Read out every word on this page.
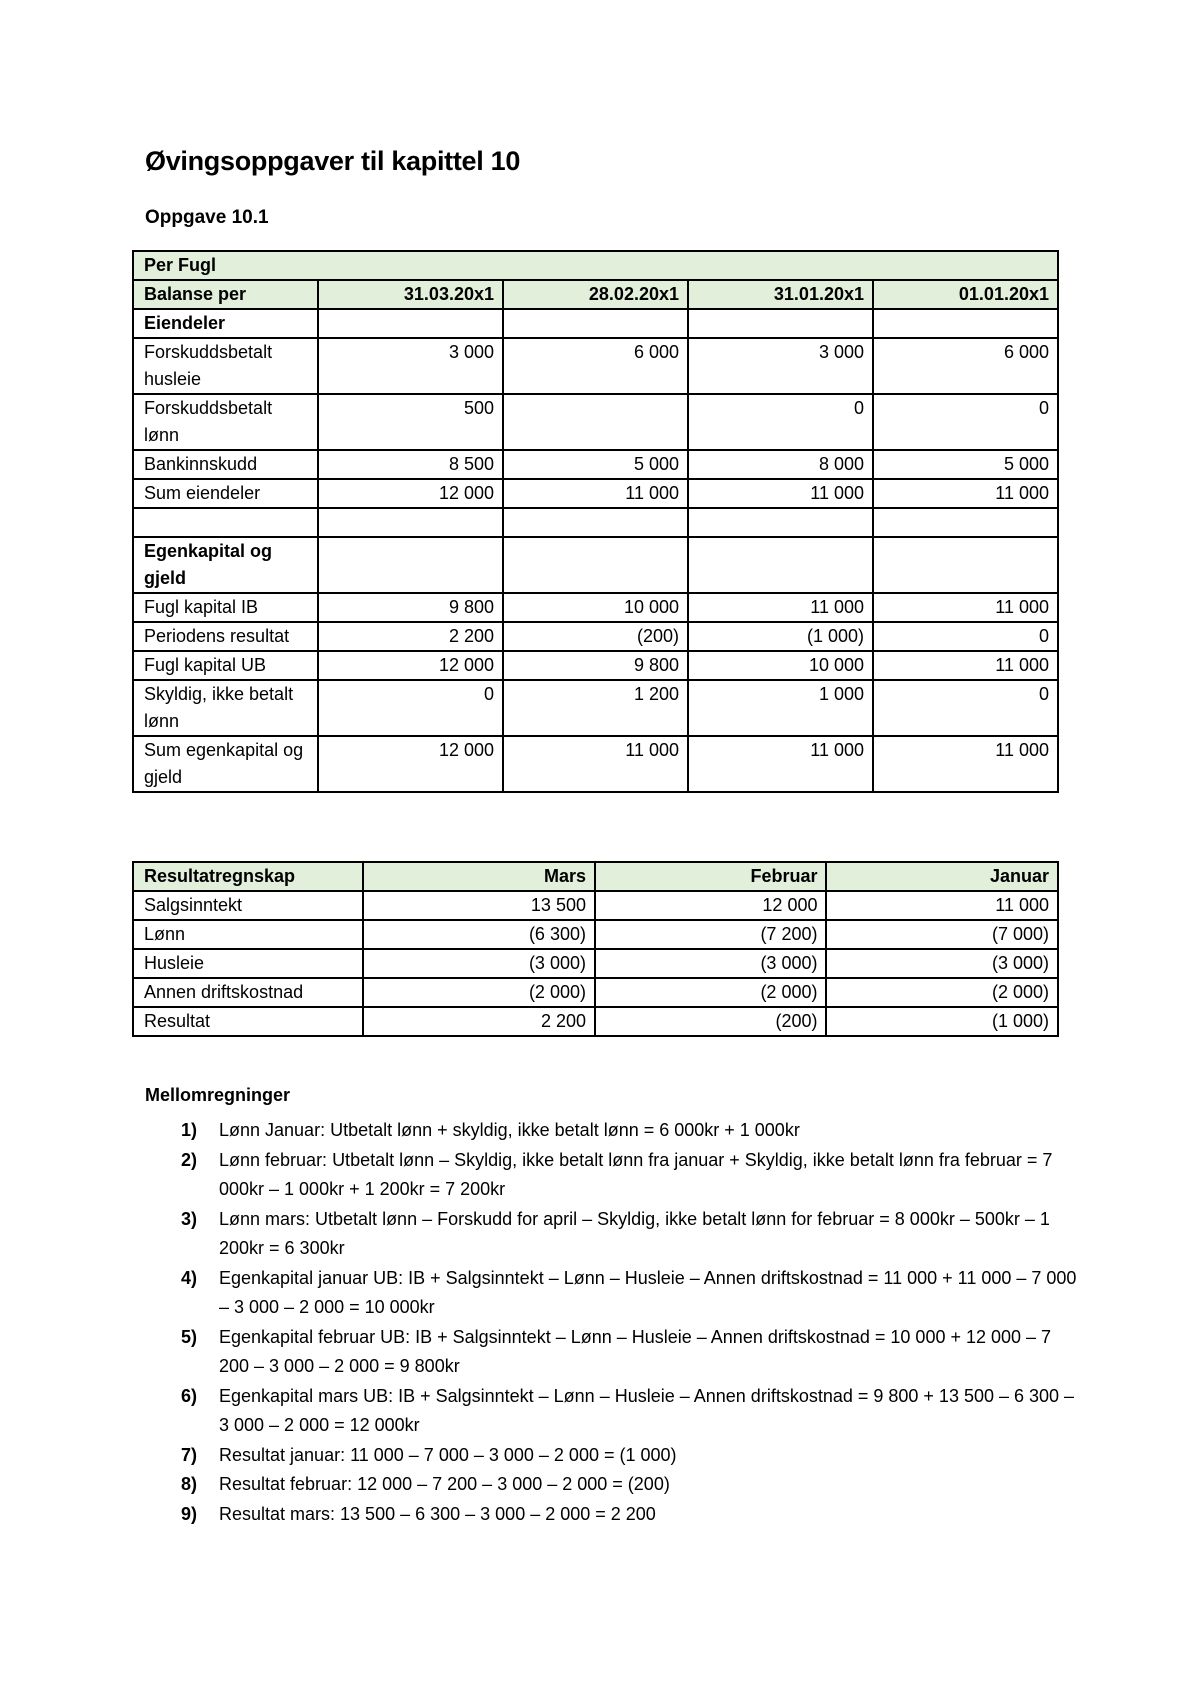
Øvingsoppgaver til kapittel 10
Oppgave 10.1
Per Fugl				
Balanse per	31.03.20x1	28.02.20x1	31.01.20x1	01.01.20x1
Eiendeler				
Forskuddsbetalt husleie	3 000	6 000	3 000	6 000
Forskuddsbetalt lønn	500		0	0
Bankinnskudd	8 500	5 000	8 000	5 000
Sum eiendeler	12 000	11 000	11 000	11 000

Egenkapital og gjeld				
Fugl kapital IB	9 800	10 000	11 000	11 000
Periodens resultat	2 200	(200)	(1 000)	0
Fugl kapital UB	12 000	9 800	10 000	11 000
Skyldig, ikke betalt lønn	0	1 200	1 000	0
Sum egenkapital og gjeld	12 000	11 000	11 000	11 000
Resultatregnskap	Mars	Februar	Januar
Salgsinntekt	13 500	12 000	11 000
Lønn	(6 300)	(7 200)	(7 000)
Husleie	(3 000)	(3 000)	(3 000)
Annen driftskostnad	(2 000)	(2 000)	(2 000)
Resultat	2 200	(200)	(1 000)
Mellomregninger
1) Lønn Januar: Utbetalt lønn + skyldig, ikke betalt lønn = 6 000kr + 1 000kr
2) Lønn februar: Utbetalt lønn – Skyldig, ikke betalt lønn fra januar + Skyldig, ikke betalt lønn fra februar = 7 000kr – 1 000kr + 1 200kr = 7 200kr
3) Lønn mars: Utbetalt lønn – Forskudd for april – Skyldig, ikke betalt lønn for februar = 8 000kr – 500kr – 1 200kr = 6 300kr
4) Egenkapital januar UB: IB + Salgsinntekt – Lønn – Husleie – Annen driftskostnad = 11 000 + 11 000 – 7 000 – 3 000 – 2 000 = 10 000kr
5) Egenkapital februar UB: IB + Salgsinntekt – Lønn – Husleie – Annen driftskostnad = 10 000 + 12 000 – 7 200 – 3 000 – 2 000 = 9 800kr
6) Egenkapital mars UB: IB + Salgsinntekt – Lønn – Husleie – Annen driftskostnad = 9 800 + 13 500 – 6 300 – 3 000 – 2 000 = 12 000kr
7) Resultat januar: 11 000 – 7 000 – 3 000 – 2 000 = (1 000)
8) Resultat februar: 12 000 – 7 200 – 3 000 – 2 000 = (200)
9) Resultat mars: 13 500 – 6 300 – 3 000 – 2 000 = 2 200
